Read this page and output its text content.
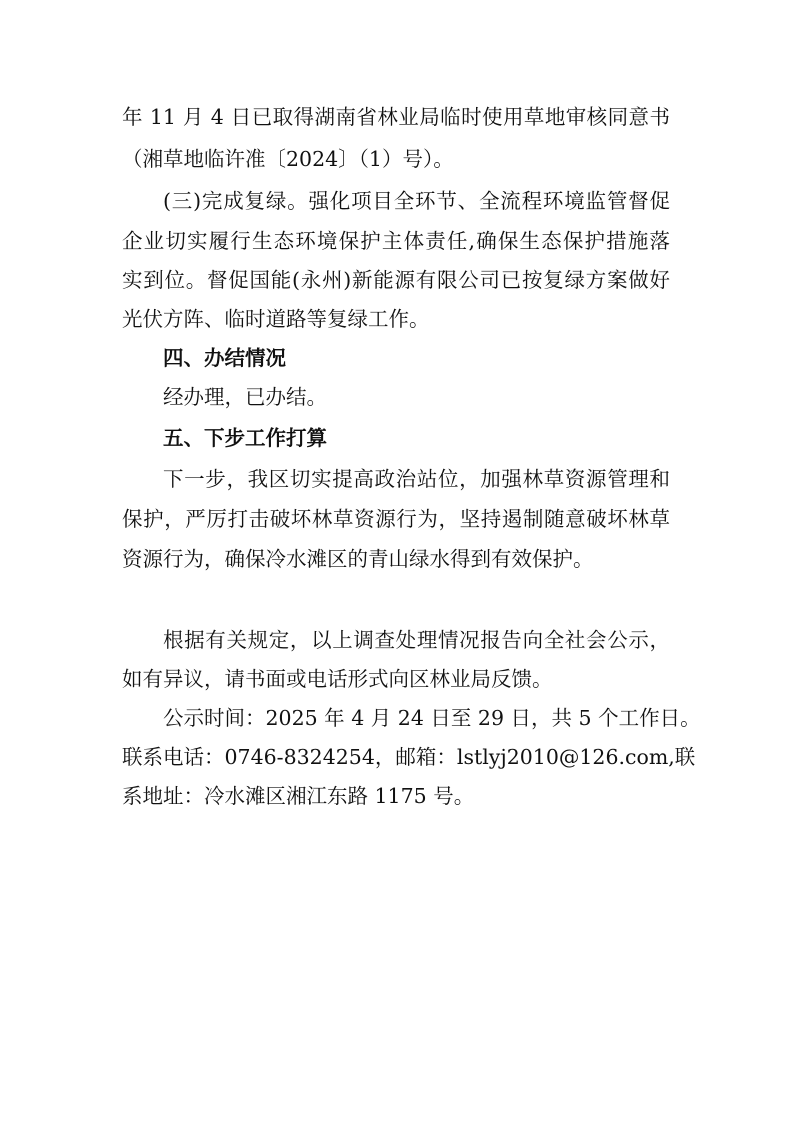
年 11 月 4 日已取得湖南省林业局临时使用草地审核同意书

（湘草地临许准〔2024〕（1）号）。

(三)完成复绿。强化项目全环节、全流程环境监管督促

企业切实履行生态环境保护主体责任,确保生态保护措施落

实到位。督促国能(永州)新能源有限公司已按复绿方案做好

光伏方阵、临时道路等复绿工作。

四、办结情况

经办理，已办结。

五、下步工作打算

下一步，我区切实提高政治站位，加强林草资源管理和

保护，严厉打击破坏林草资源行为，坚持遏制随意破坏林草

资源行为，确保冷水滩区的青山绿水得到有效保护。

根据有关规定，以上调查处理情况报告向全社会公示，

如有异议，请书面或电话形式向区林业局反馈。

公示时间：2025 年 4 月 24 日至 29 日，共 5 个工作日。

联系电话：0746-8324254，邮箱：lstlyj2010@126.com,联

系地址：冷水滩区湘江东路 1175 号。
